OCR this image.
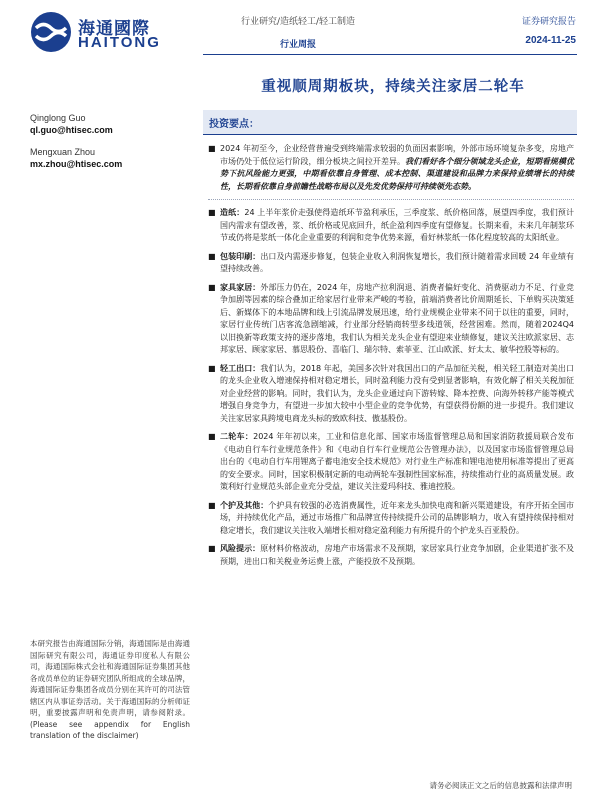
海通國際
HAITONG
行业研究/造纸轻工/轻工制造
行业周报
证券研究报告
2024-11-25
重视顺周期板块，持续关注家居二轮车
Qinglong Guo
ql.guo@htisec.com
Mengxuan Zhou
mx.zhou@htisec.com
投资要点：
■ 2024 年初至今，企业经营普遍受到终端需求较弱的负面因素影响，外部市场环境复杂多变，房地产市场仍处于低位运行阶段，细分板块之间拉开差异。我们看好各个细分领域龙头企业，短期看规模优势下抗风险能力更强，中期看依靠自身管理、成本控制、渠道建设和品牌力来保持业绩增长的持续性，长期看依靠自身前瞻性战略布局以及先发优势保持可持续领先态势。
■ 造纸：24 上半年浆价走强使得造纸环节盈利承压，三季度浆、纸价格回落，展望四季度，我们预计国内需求有望改善，浆、纸价格或见底回升，纸企盈利四季度有望修复。长期来看，未来几年制浆环节或仍将是浆纸一体化企业重要的利润和竞争优势来源，看好林浆纸一体化程度较高的太阳纸业。
■ 包装印刷：出口及内需逐步修复，包装企业收入利润恢复增长，我们预计随着需求回暖 24 年业绩有望持续改善。
■ 家具家居：外部压力仍在，2024 年，房地产拉利润退、消费者偏好变化、消费驱动力不足、行业竞争加剧等因素的综合叠加正给家居行业带来严峻的考验，前端消费者比价周期延长、下单购买决策延后、新媒体下的本地品牌和线上引流品牌发展迅速，给行业规模企业带来不同于以往的重要，同时，家居行业传统门店客流急剧缩减，行业部分经销商转型多线道领，经营困难。然而，随着2024Q4 以旧换新等政策支持的逐步落地，我们认为相关龙头企业有望迎来业绩修复，建议关注欧派家居、志邦家居、顾家家居、慕思股份、喜临门、瑞尔特、索菲亚、江山欧派、好太太、敏华控股等标的。
■ 轻工出口：我们认为，2018 年起，美国多次针对我国出口的产品加征关税，相关轻工制造对美出口的龙头企业收入增速保持相对稳定增长，同时盈利能力没有受到显著影响，有效化解了相关关税加征对企业经营的影响。同时，我们认为，龙头企业通过向下游转嫁、降本控费、向海外转移产能等模式增强自身竞争力，有望进一步加大较中小型企业的竞争优势，有望获得份额的进一步提升。我们建议关注家居家具跨境电商龙头标的致欧科技、傲基股份。
■ 二轮车：2024 年年初以来，工业和信息化部、国家市场监督管理总局和国家消防救援局联合发布《电动自行车行业规范条件》和《电动自行车行业规范公告管理办法》，以及国家市场监督管理总局出台的《电动自行车用锂离子蓄电池安全技术规范》对行业生产标准和锂电池使用标准等提出了更高的安全要求。同时，国家积极制定新的电动两轮车强制性国家标准，持续推动行业的高质量发展。政策利好行业规范头部企业充分受益，建议关注爱玛科技、雅迪控股。
■ 个护及其他：个护具有较强的必选消费属性，近年来龙头加快电商和新兴渠道建设，有序开拓全国市场，并持续优化产品，通过市场推广和品牌宣传持续提升公司的品牌影响力，收入有望持续保持相对稳定增长，我们建议关注收入端增长相对稳定盈利能力有所提升的个护龙头百亚股份。
■ 风险提示：原材料价格波动，房地产市场需求不及预期，家居家具行业竞争加剧，企业渠道扩张不及预期，进出口和关税业务运费上涨，产能投放不及预期。
本研究报告由海通国际分销，海通国际是由海通国际研究有限公司，海通证券印度私人有限公司，海通国际株式会社和海通国际证券集团其他各成员单位的证券研究团队所组成的全球品牌，海通国际证券集团各成员分别在其许可的司法管辖区内从事证券活动。关于海通国际的分析师证明，重要披露声明和免责声明，请参阅附录。(Please see appendix for English translation of the disclaimer)
请务必阅读正文之后的信息披露和法律声明
